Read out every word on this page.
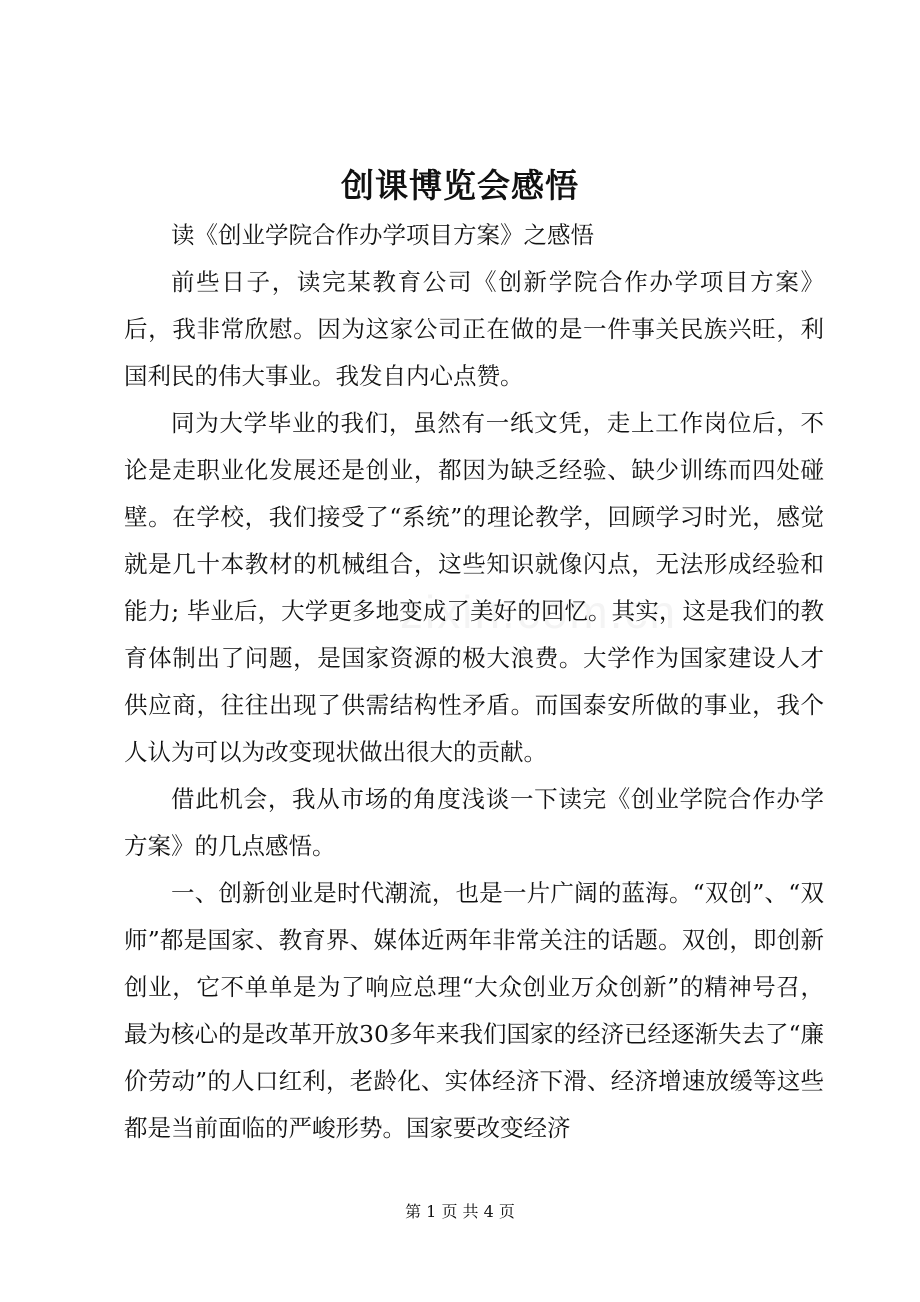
创课博览会感悟

读《创业学院合作办学项目方案》之感悟

前些日子，读完某教育公司《创新学院合作办学项目方案》后，我非常欣慰。因为这家公司正在做的是一件事关民族兴旺，利国利民的伟大事业。我发自内心点赞。

同为大学毕业的我们，虽然有一纸文凭，走上工作岗位后，不论是走职业化发展还是创业，都因为缺乏经验、缺少训练而四处碰壁。在学校，我们接受了“系统”的理论教学，回顾学习时光，感觉就是几十本教材的机械组合，这些知识就像闪点，无法形成经验和能力; 毕业后，大学更多地变成了美好的回忆。其实，这是我们的教育体制出了问题，是国家资源的极大浪费。大学作为国家建设人才供应商，往往出现了供需结构性矛盾。而国泰安所做的事业，我个人认为可以为改变现状做出很大的贡献。

借此机会，我从市场的角度浅谈一下读完《创业学院合作办学方案》的几点感悟。

一、创新创业是时代潮流，也是一片广阔的蓝海。“双创”、“双师”都是国家、教育界、媒体近两年非常关注的话题。双创，即创新创业，它不单单是为了响应总理“大众创业万众创新”的精神号召，最为核心的是改革开放30多年来我们国家的经济已经逐渐失去了“廉价劳动”的人口红利，老龄化、实体经济下滑、经济增速放缓等这些都是当前面临的严峻形势。国家要改变经济

第 1 页 共 4 页
